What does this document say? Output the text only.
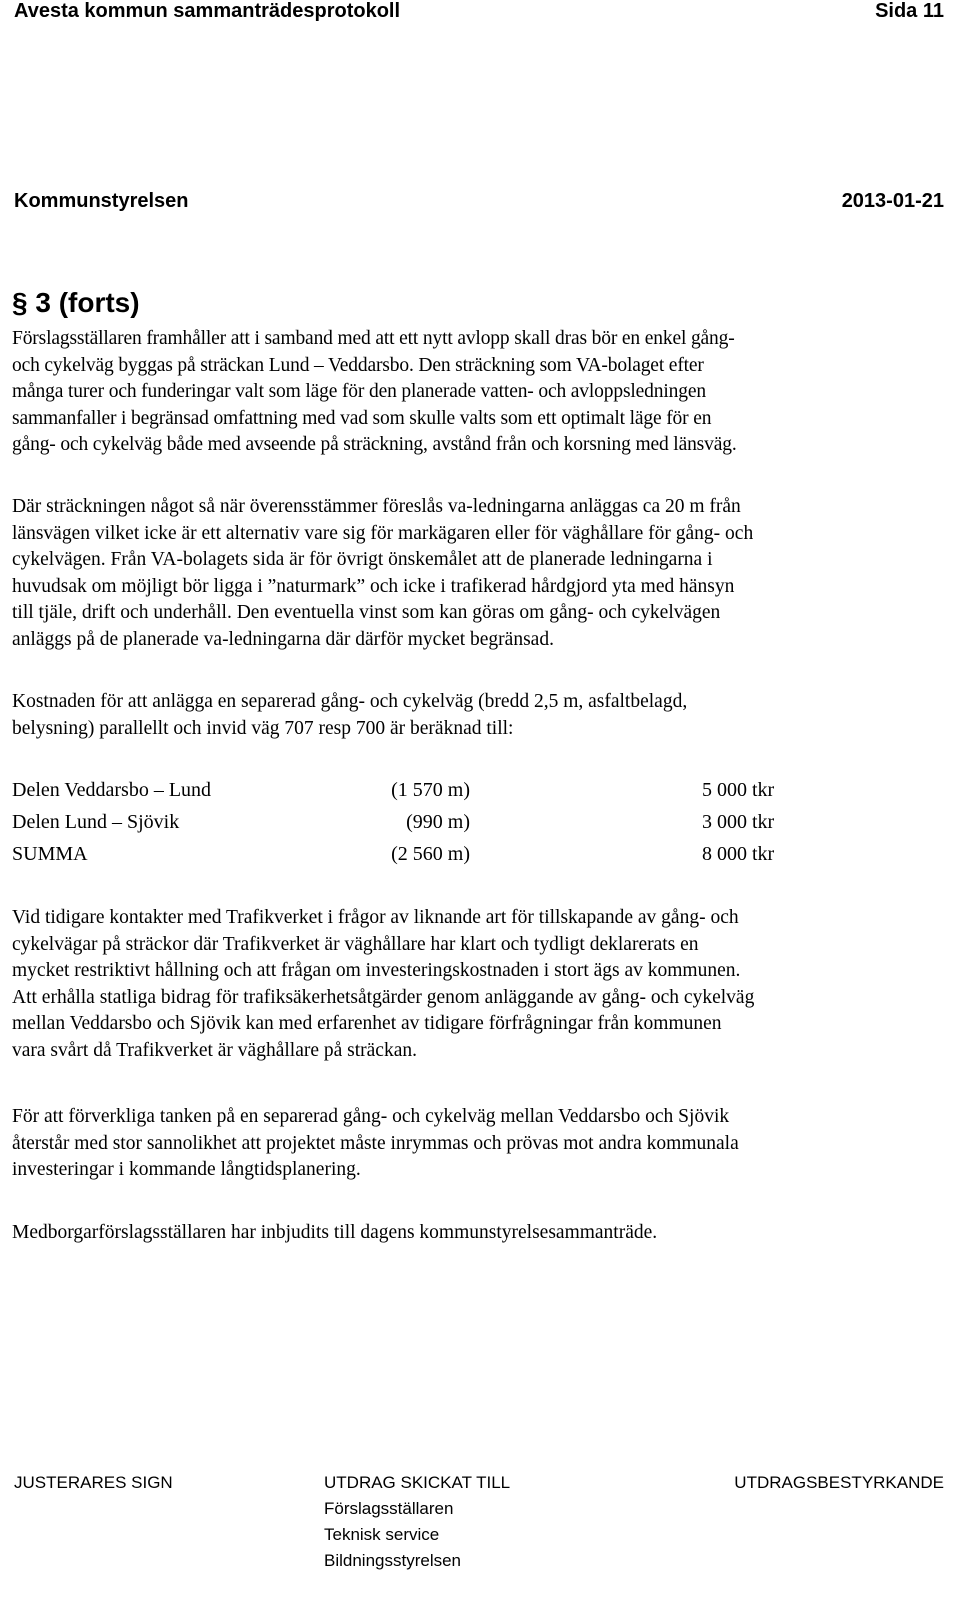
Avesta kommun sammanträdesprotokoll	Sida 11
Kommunstyrelsen	2013-01-21
§ 3 (forts)

Förslagsställaren framhåller att i samband med att ett nytt avlopp skall dras bör en enkel gång-
och cykelväg byggas på sträckan Lund – Veddarsbo. Den sträckning som VA-bolaget efter
många turer och funderingar valt som läge för den planerade vatten- och avloppsledningen
sammanfaller i begränsad omfattning med vad som skulle valts som ett optimalt läge för en
gång- och cykelväg både med avseende på sträckning, avstånd från och korsning med länsväg.

Där sträckningen något så när överensstämmer föreslås va-ledningarna anläggas ca 20 m från
länsvägen vilket icke är ett alternativ vare sig för markägaren eller för väghållare för gång- och
cykelvägen. Från VA-bolagets sida är för övrigt önskemålet att de planerade ledningarna i
huvudsak om möjligt bör ligga i ”naturmark” och icke i trafikerad hårdgjord yta med hänsyn
till tjäle, drift och underhåll. Den eventuella vinst som kan göras om gång- och cykelvägen
anläggs på de planerade va-ledningarna där därför mycket begränsad.

Kostnaden för att anlägga en separerad gång- och cykelväg (bredd 2,5 m, asfaltbelagd,
belysning) parallellt och invid väg 707 resp 700 är beräknad till:

Delen Veddarsbo – Lund	(1 570 m)	5 000 tkr
Delen Lund – Sjövik	(990 m)	3 000 tkr
SUMMA	(2 560 m)	8 000 tkr

Vid tidigare kontakter med Trafikverket i frågor av liknande art för tillskapande av gång- och
cykelvägar på sträckor där Trafikverket är väghållare har klart och tydligt deklarerats en
mycket restriktivt hållning och att frågan om investeringskostnaden i stort ägs av kommunen.
Att erhålla statliga bidrag för trafiksäkerhetsåtgärder genom anläggande av gång- och cykelväg
mellan Veddarsbo och Sjövik kan med erfarenhet av tidigare förfrågningar från kommunen
vara svårt då Trafikverket är väghållare på sträckan.

För att förverkliga tanken på en separerad gång- och cykelväg mellan Veddarsbo och Sjövik
återstår med stor sannolikhet att projektet måste inrymmas och prövas mot andra kommunala
investeringar i kommande långtidsplanering.

Medborgarförslagsställaren har inbjudits till dagens kommunstyrelsesammanträde.

JUSTERARES SIGN	UTDRAG SKICKAT TILL
Förslagsställaren
Teknisk service
Bildningsstyrelsen
UTDRAGSBESTYRKANDE
